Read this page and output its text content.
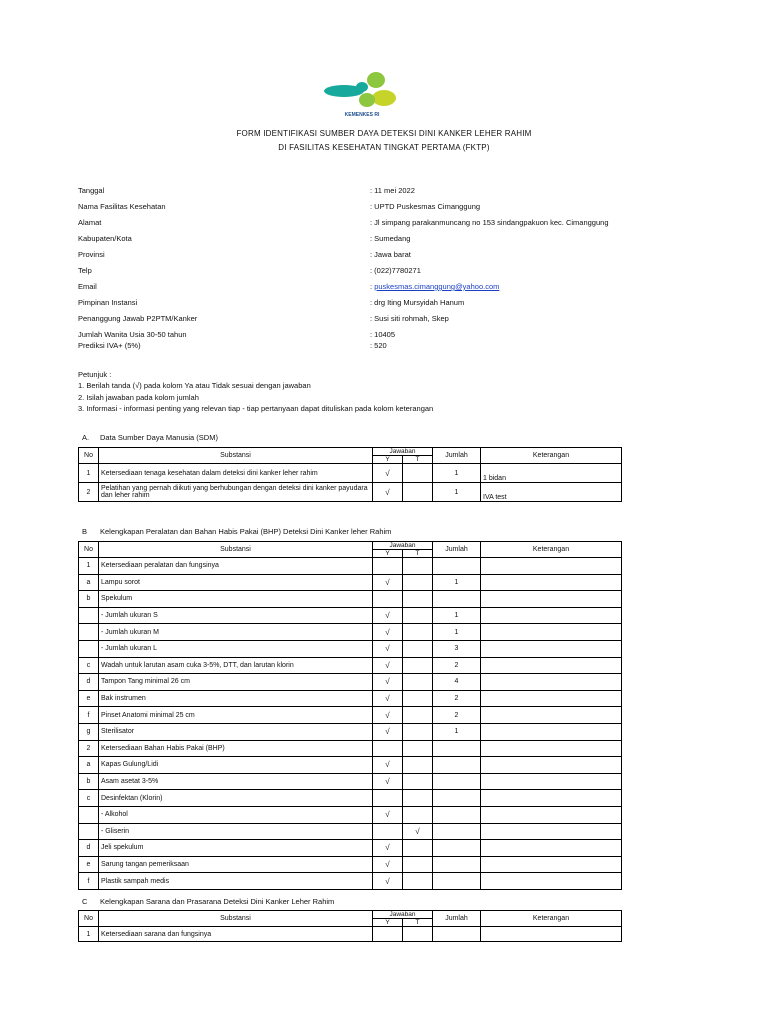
KEMENKES RI
FORM IDENTIFIKASI SUMBER DAYA DETEKSI DINI KANKER LEHER RAHIM
DI FASILITAS KESEHATAN TINGKAT PERTAMA (FKTP)
Tanggal	: 11 mei 2022
Nama Fasilitas Kesehatan	: UPTD Puskesmas Cimanggung
Alamat	: Jl simpang parakanmuncang no 153 sindangpakuon kec. Cimanggung
Kabupaten/Kota	: Sumedang
Provinsi	: Jawa barat
Telp	: (022)7780271
Email	: puskesmas.cimanggung@yahoo.com
Pimpinan Instansi	: drg Iting Mursyidah Hanum
Penanggung Jawab P2PTM/Kanker	: Susi siti rohmah, Skep
Jumlah Wanita Usia 30-50 tahun	: 10405
Prediksi IVA+ (5%)	: 520
Petunjuk :
1. Berilah tanda (√) pada kolom Ya atau Tidak sesuai dengan jawaban
2. Isilah jawaban pada kolom jumlah
3. Informasi - informasi penting yang relevan tiap - tiap pertanyaan dapat dituliskan pada kolom keterangan
A. Data Sumber Daya Manusia (SDM)
No	Substansi	Jawaban		Jumlah	Keterangan
		Y	T		
1	Ketersediaan tenaga kesehatan dalam deteksi dini kanker leher rahim	√		1	1 bidan
2	Pelatihan yang pernah diikuti yang berhubungan dengan deteksi dini kanker payudara dan leher rahim	√		1	IVA test
B Kelengkapan Peralatan dan Bahan Habis Pakai (BHP) Deteksi Dini Kanker leher Rahim
No	Substansi	Jawaban		Jumlah	Keterangan
		Y	T		
1	Ketersediaan peralatan dan fungsinya				
a	Lampu sorot	√		1	
b	Spekulum				
	- Jumlah ukuran S	√		1	
	- Jumlah ukuran M	√		1	
	- Jumlah ukuran L	√		3	
c	Wadah untuk larutan asam cuka 3-5%, DTT, dan larutan klorin	√		2	
d	Tampon Tang minimal 26 cm	√		4	
e	Bak instrumen	√		2	
f	Pinset Anatomi minimal 25 cm	√		2	
g	Sterilisator	√		1	
2	Ketersediaan Bahan Habis Pakai (BHP)				
a	Kapas Gulung/Lidi	√			
b	Asam asetat 3-5%	√			
c	Desinfektan (Klorin)				
	- Alkohol	√			
	- Gliserin		√		
d	Jeli spekulum	√			
e	Sarung tangan pemeriksaan	√			
f	Plastik sampah medis	√			
C Kelengkapan Sarana dan Prasarana Deteksi Dini Kanker Leher Rahim
No	Substansi	Jawaban		Jumlah	Keterangan
		Y	T		
1	Ketersediaan sarana dan fungsinya				
